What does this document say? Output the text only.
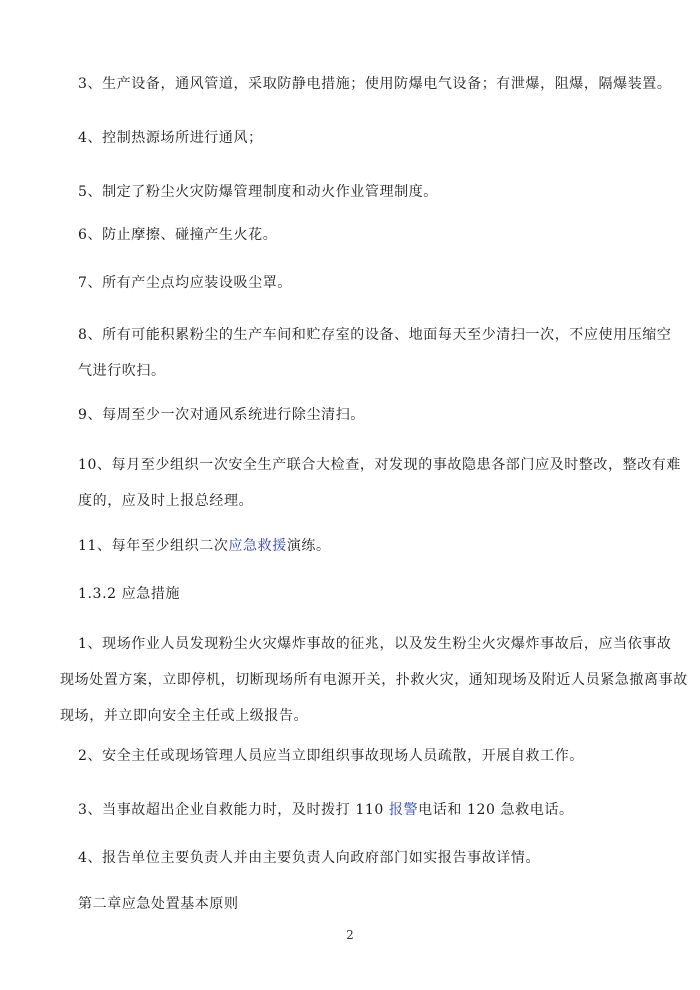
3、生产设备，通风管道，采取防静电措施；使用防爆电气设备；有泄爆，阻爆，隔爆装置。

4、控制热源场所进行通风；

5、制定了粉尘火灾防爆管理制度和动火作业管理制度。

6、防止摩擦、碰撞产生火花。

7、所有产尘点均应装设吸尘罩。

8、所有可能积累粉尘的生产车间和贮存室的设备、地面每天至少清扫一次，不应使用压缩空
气进行吹扫。

9、每周至少一次对通风系统进行除尘清扫。

10、每月至少组织一次安全生产联合大检查，对发现的事故隐患各部门应及时整改，整改有难
度的，应及时上报总经理。

11、每年至少组织二次应急救援演练。

1.3.2 应急措施

1、现场作业人员发现粉尘火灾爆炸事故的征兆，以及发生粉尘火灾爆炸事故后，应当依事故
现场处置方案，立即停机，切断现场所有电源开关，扑救火灾，通知现场及附近人员紧急撤离事故
现场，并立即向安全主任或上级报告。

2、安全主任或现场管理人员应当立即组织事故现场人员疏散，开展自救工作。

3、当事故超出企业自救能力时，及时拨打 110 报警电话和 120 急救电话。

4、报告单位主要负责人并由主要负责人向政府部门如实报告事故详情。

第二章应急处置基本原则

2
